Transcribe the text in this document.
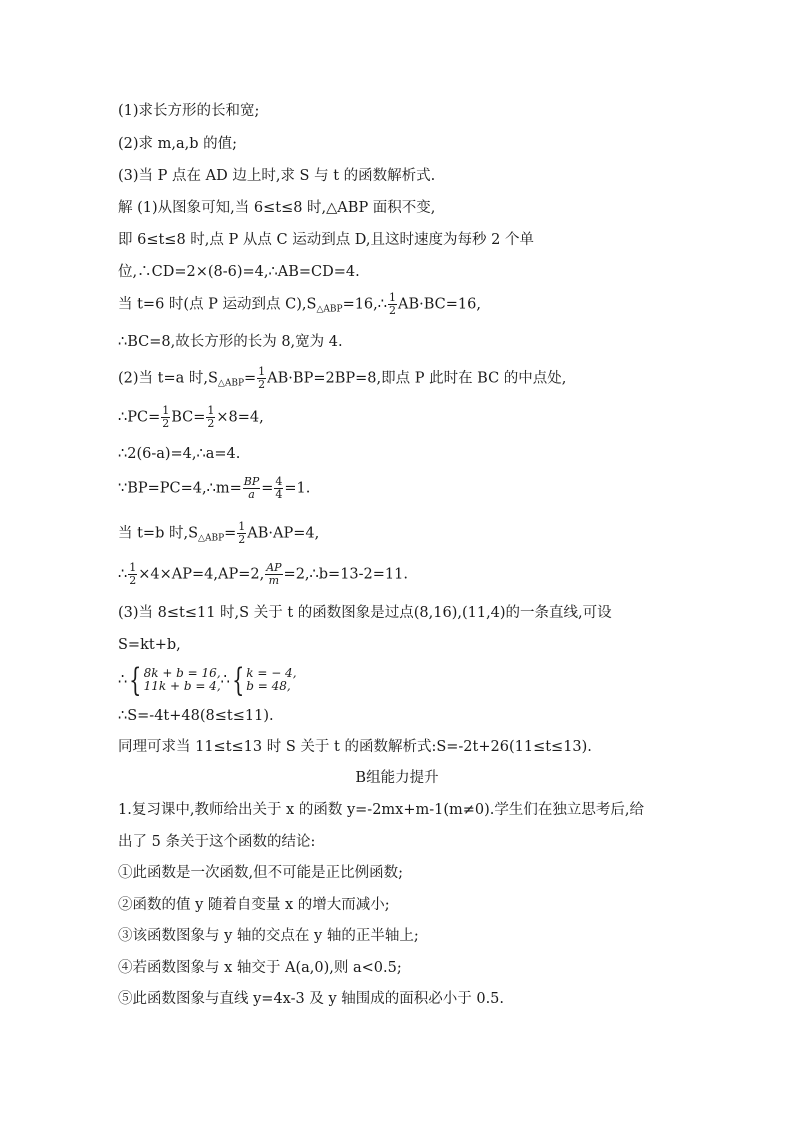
(1)求长方形的长和宽;
(2)求 m,a,b 的值;
(3)当 P 点在 AD 边上时,求 S 与 t 的函数解析式.
解 (1)从图象可知,当 6≤t≤8 时,△ABP 面积不变,
即 6≤t≤8 时,点 P 从点 C 运动到点 D,且这时速度为每秒 2 个单
位,∴CD=2×(8-6)=4,∴AB=CD=4.
当 t=6 时(点 P 运动到点 $C),S_{\triangle ABP}=16,\therefore \frac{1}{2} AB\cdot BC=16$,
∴BC=8,故长方形的长为 8,宽为 4.
(2)当 t=a 时$,S_{\triangle ABP}= \frac{1}{2} AB\cdot BP=2BP=8$,即点 P 此时在 BC 的中点处,
∴PC= $\frac{1}{2} BC= \frac{1}{2} \times 8=4$,
∴2(6-a)=4,∴a=4.
∵BP=PC=4,∴m= $\frac{BP}{a} = \frac{4}{4} =1$.
当 t=b 时$,S_{\triangle ABP}= \frac{1}{2} AB\cdot AP=4$,
∴ $\frac{1}{2} \times 4\times AP=4,AP=2$, $\frac{AP}{m}$ =2,∴b=13-2=11.
(3)当 8≤t≤11 时,S 关于 t 的函数图象是过点(8,16),(11,4)的一条直线,可设
S=kt+b,
∴ { 8k + b = 16,
11k + b = 4, ∴ { k = − 4,
b = 48,
∴S=-4t+48(8≤t≤11).
同理可求当 11≤t≤13 时 S 关于 t 的函数解析式:S=-2t+26(11≤t≤13).
B组能力提升
1.复习课中,教师给出关于 x 的函数 y=-2mx+m-1(m≠0).学生们在独立思考后,给
出了 5 条关于这个函数的结论:
①此函数是一次函数,但不可能是正比例函数;
②函数的值 y 随着自变量 x 的增大而减小;
③该函数图象与 y 轴的交点在 y 轴的正半轴上;
④若函数图象与 x 轴交于 A(a,0),则 a<0.5;
⑤此函数图象与直线 y=4x-3 及 y 轴围成的面积必小于 0.5.
